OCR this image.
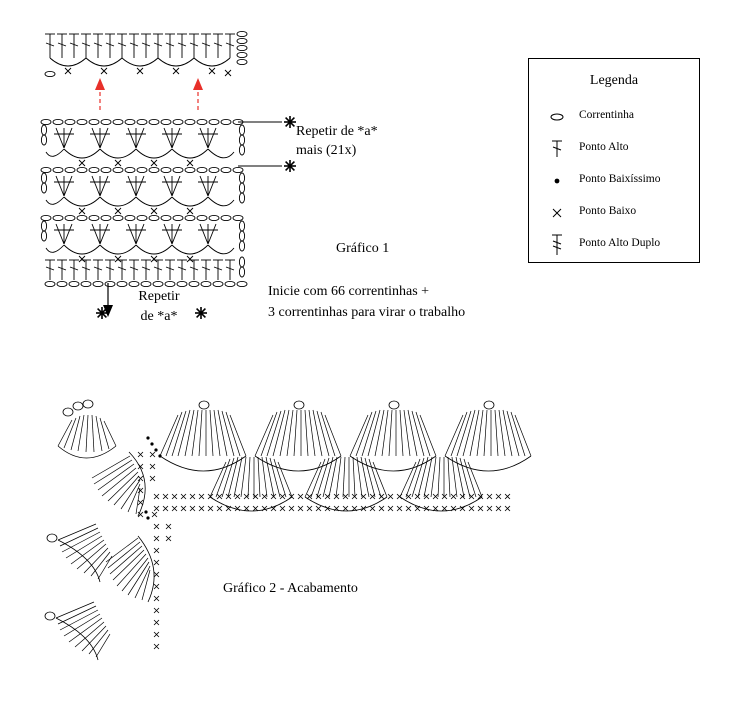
Legenda
Correntinha
Ponto Alto
Ponto Baixíssimo
Ponto Baixo
Ponto Alto Duplo
Repetir de *a*
mais (21x)
Gráfico 1
Inicie com 66 correntinhas +
3 correntinhas para virar o trabalho
Repetir
de *a*
Gráfico 2 - Acabamento
